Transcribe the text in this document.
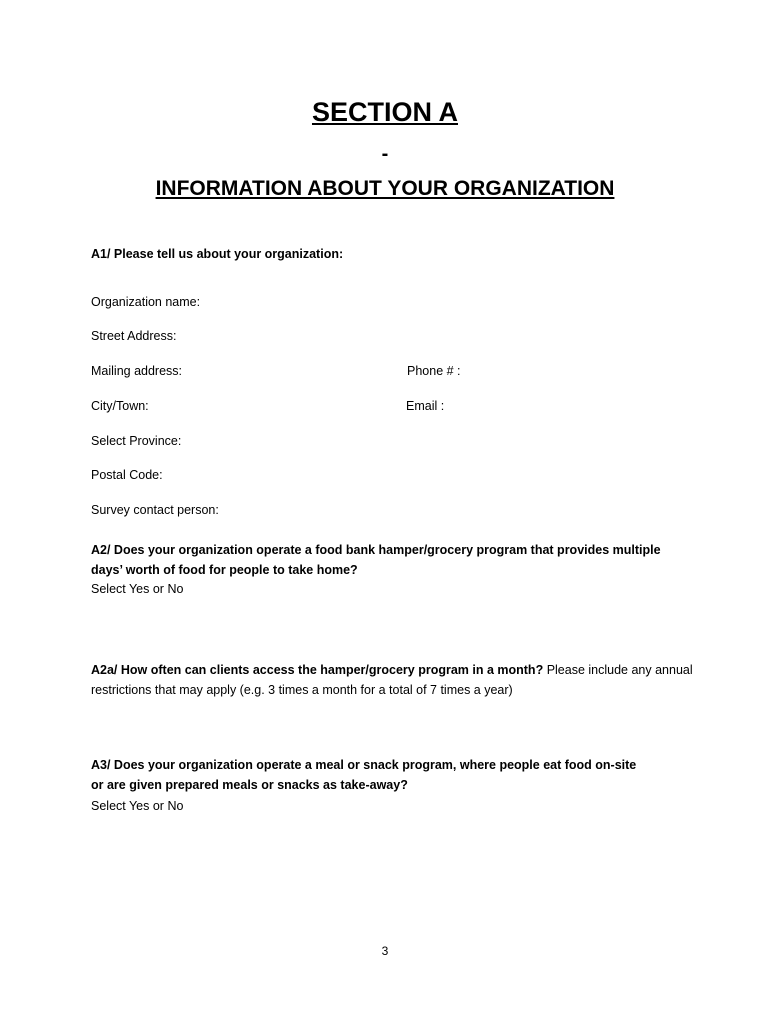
SECTION A
-
INFORMATION ABOUT YOUR ORGANIZATION
A1/ Please tell us about your organization:
Organization name:
Street Address:
Mailing address:	Phone # :
City/Town:	Email :
Select Province:
Postal Code:
Survey contact person:
A2/ Does your organization operate a food bank hamper/grocery program that provides multiple
days’ worth of food for people to take home?
Select Yes or No
A2a/ How often can clients access the hamper/grocery program in a month? Please include any annual
restrictions that may apply (e.g. 3 times a month for a total of 7 times a year)
A3/ Does your organization operate a meal or snack program, where people eat food on-site
or are given prepared meals or snacks as take-away?
Select Yes or No
3
